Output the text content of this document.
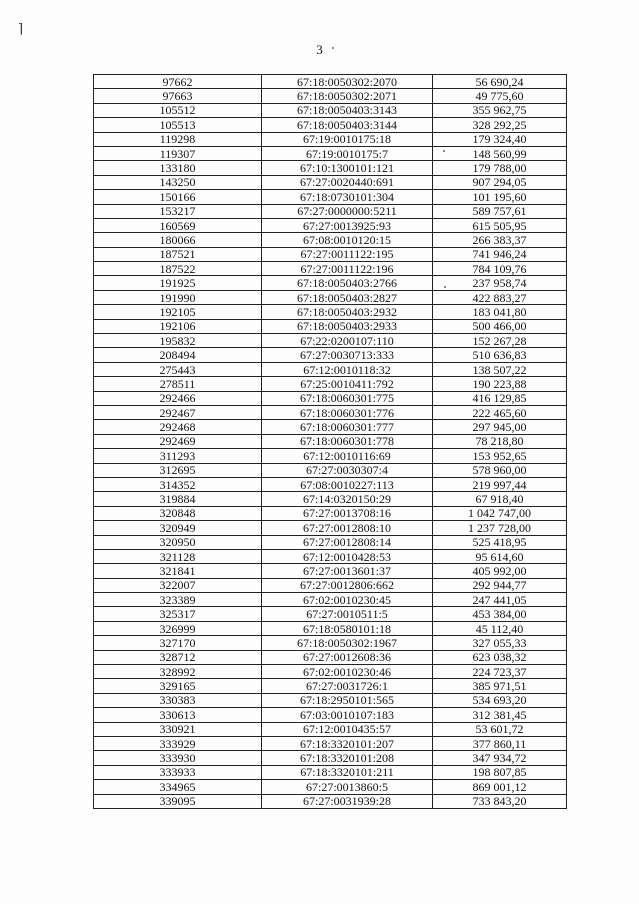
⌉
3
97662	67:18:0050302:2070	56 690,24
97663	67:18:0050302:2071	49 775,60
105512	67:18:0050403:3143	355 962,75
105513	67:18:0050403:3144	328 292,25
119298	67:19:0010175:18	179 324,40
119307	67:19:0010175:7	148 560,99
133180	67:10:1300101:121	179 788,00
143250	67:27:0020440:691	907 294,05
150166	67:18:0730101:304	101 195,60
153217	67:27:0000000:5211	589 757,61
160569	67:27:0013925:93	615 505,95
180066	67:08:0010120:15	266 383,37
187521	67:27:0011122:195	741 946,24
187522	67:27:0011122:196	784 109,76
191925	67:18:0050403:2766	237 958,74
191990	67:18:0050403:2827	422 883,27
192105	67:18:0050403:2932	183 041,80
192106	67:18:0050403:2933	500 466,00
195832	67:22:0200107:110	152 267,28
208494	67:27:0030713:333	510 636,83
275443	67:12:0010118:32	138 507,22
278511	67:25:0010411:792	190 223,88
292466	67:18:0060301:775	416 129,85
292467	67:18:0060301:776	222 465,60
292468	67:18:0060301:777	297 945,00
292469	67:18:0060301:778	78 218,80
311293	67:12:0010116:69	153 952,65
312695	67:27:0030307:4	578 960,00
314352	67:08:0010227:113	219 997,44
319884	67:14:0320150:29	67 918,40
320848	67:27:0013708:16	1 042 747,00
320949	67:27:0012808:10	1 237 728,00
320950	67:27:0012808:14	525 418,95
321128	67:12:0010428:53	95 614,60
321841	67:27:0013601:37	405 992,00
322007	67:27:0012806:662	292 944,77
323389	67:02:0010230:45	247 441,05
325317	67:27:0010511:5	453 384,00
326999	67:18:0580101:18	45 112,40
327170	67:18:0050302:1967	327 055,33
328712	67:27:0012608:36	623 038,32
328992	67:02:0010230:46	224 723,37
329165	67:27:0031726:1	385 971,51
330383	67:18:2950101:565	534 693,20
330613	67:03:0010107:183	312 381,45
330921	67:12:0010435:57	53 601,72
333929	67:18:3320101:207	377 860,11
333930	67:18:3320101:208	347 934,72
333933	67:18:3320101:211	198 807,85
334965	67:27:0013860:5	869 001,12
339095	67:27:0031939:28	733 843,20
